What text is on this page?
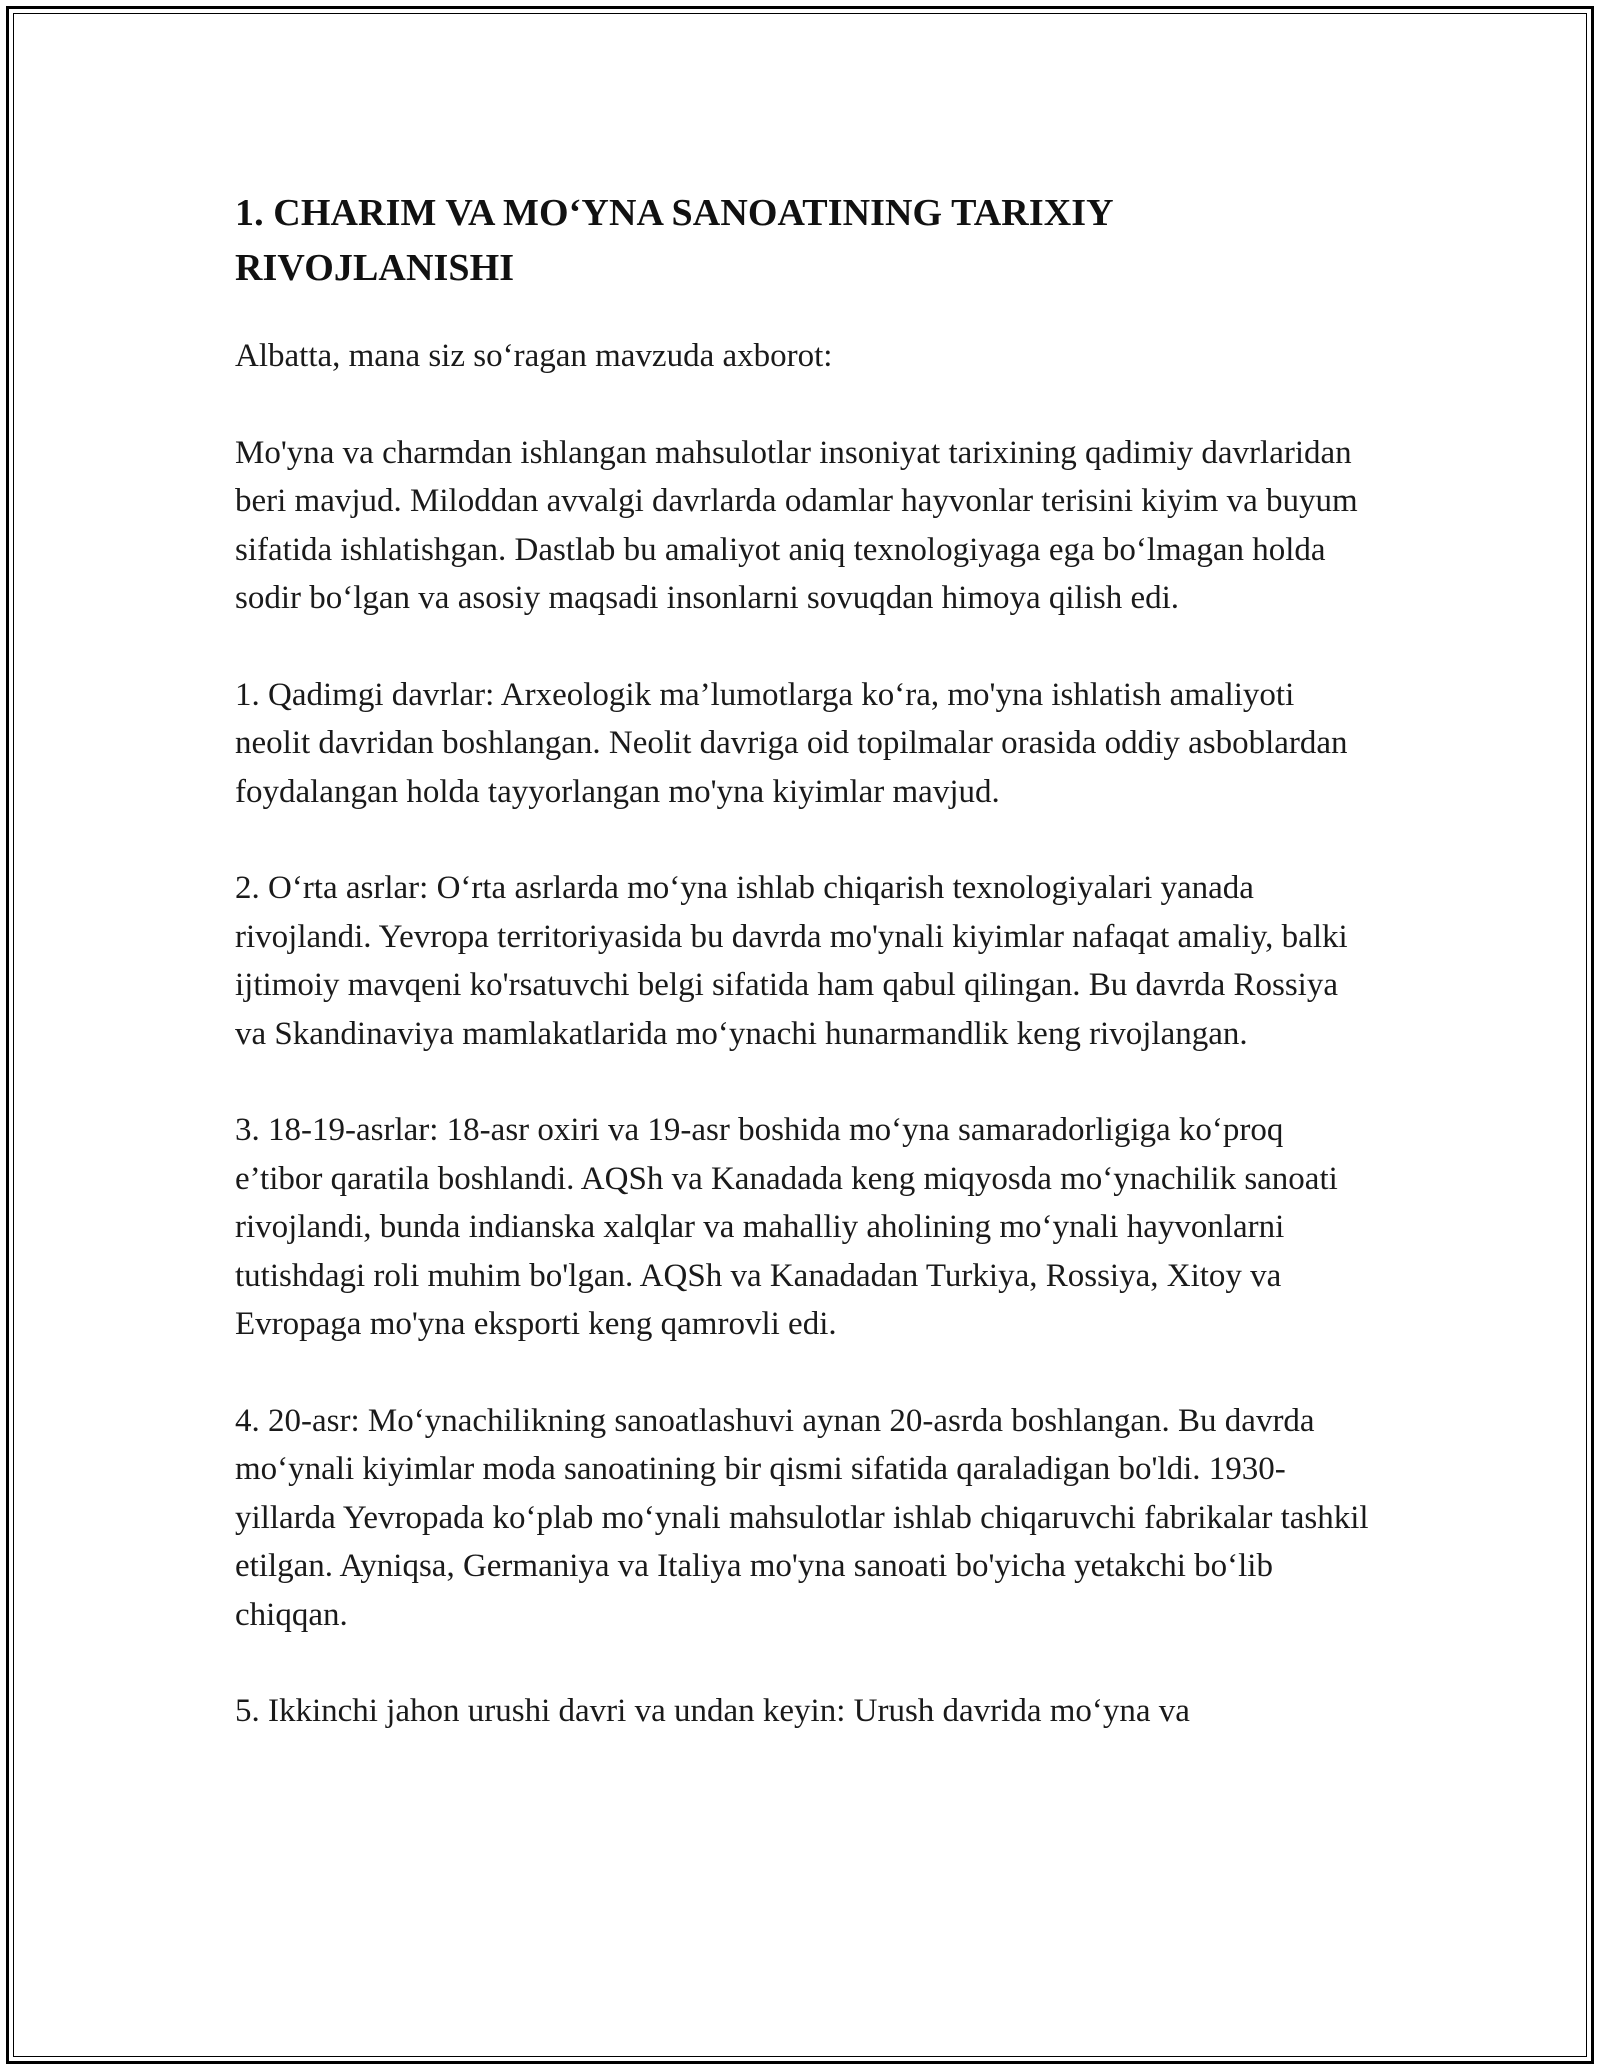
1. CHARIM VA MO‘YNA SANOATINING TARIXIY RIVOJLANISHI

Albatta, mana siz so‘ragan mavzuda axborot:

Mo'yna va charmdan ishlangan mahsulotlar insoniyat tarixining qadimiy davrlaridan beri mavjud. Miloddan avvalgi davrlarda odamlar hayvonlar terisini kiyim va buyum sifatida ishlatishgan. Dastlab bu amaliyot aniq texnologiyaga ega bo‘lmagan holda sodir bo‘lgan va asosiy maqsadi insonlarni sovuqdan himoya qilish edi.

1. Qadimgi davrlar: Arxeologik ma’lumotlarga ko‘ra, mo'yna ishlatish amaliyoti neolit davridan boshlangan. Neolit davriga oid topilmalar orasida oddiy asboblardan foydalangan holda tayyorlangan mo'yna kiyimlar mavjud.

2. O‘rta asrlar: O‘rta asrlarda mo‘yna ishlab chiqarish texnologiyalari yanada rivojlandi. Yevropa territoriyasida bu davrda mo'ynali kiyimlar nafaqat amaliy, balki ijtimoiy mavqeni ko'rsatuvchi belgi sifatida ham qabul qilingan. Bu davrda Rossiya va Skandinaviya mamlakatlarida mo‘ynachi hunarmandlik keng rivojlangan.

3. 18-19-asrlar: 18-asr oxiri va 19-asr boshida mo‘yna samaradorligiga ko‘proq e’tibor qaratila boshlandi. AQSh va Kanadada keng miqyosda mo‘ynachilik sanoati rivojlandi, bunda indianska xalqlar va mahalliy aholining mo‘ynali hayvonlarni tutishdagi roli muhim bo'lgan. AQSh va Kanadadan Turkiya, Rossiya, Xitoy va Evropaga mo'yna eksporti keng qamrovli edi.

4. 20-asr: Mo‘ynachilikning sanoatlashuvi aynan 20-asrda boshlangan. Bu davrda mo‘ynali kiyimlar moda sanoatining bir qismi sifatida qaraladigan bo'ldi. 1930-yillarda Yevropada ko‘plab mo‘ynali mahsulotlar ishlab chiqaruvchi fabrikalar tashkil etilgan. Ayniqsa, Germaniya va Italiya mo'yna sanoati bo'yicha yetakchi bo‘lib chiqqan.

5. Ikkinchi jahon urushi davri va undan keyin: Urush davrida mo‘yna va
